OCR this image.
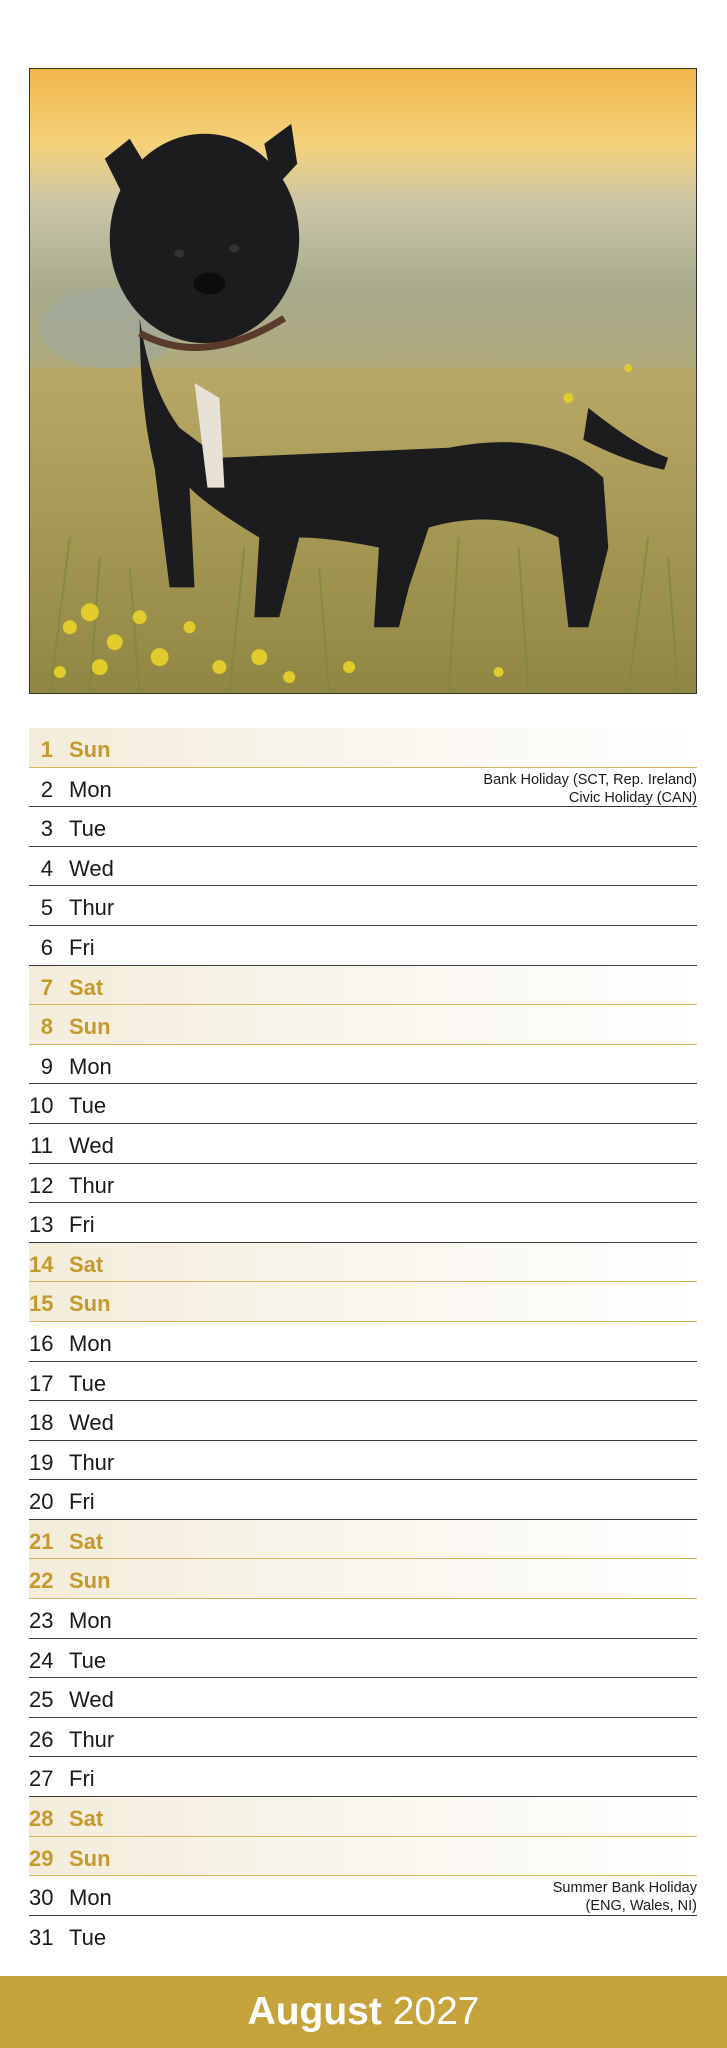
1 Sun
2 Mon	Bank Holiday (SCT, Rep. Ireland)
Civic Holiday (CAN)
3 Tue
4 Wed
5 Thur
6 Fri
7 Sat
8 Sun
9 Mon
10 Tue
11 Wed
12 Thur
13 Fri
14 Sat
15 Sun
16 Mon
17 Tue
18 Wed
19 Thur
20 Fri
21 Sat
22 Sun
23 Mon
24 Tue
25 Wed
26 Thur
27 Fri
28 Sat
29 Sun
30 Mon	Summer Bank Holiday
(ENG, Wales, NI)
31 Tue
August 2027
